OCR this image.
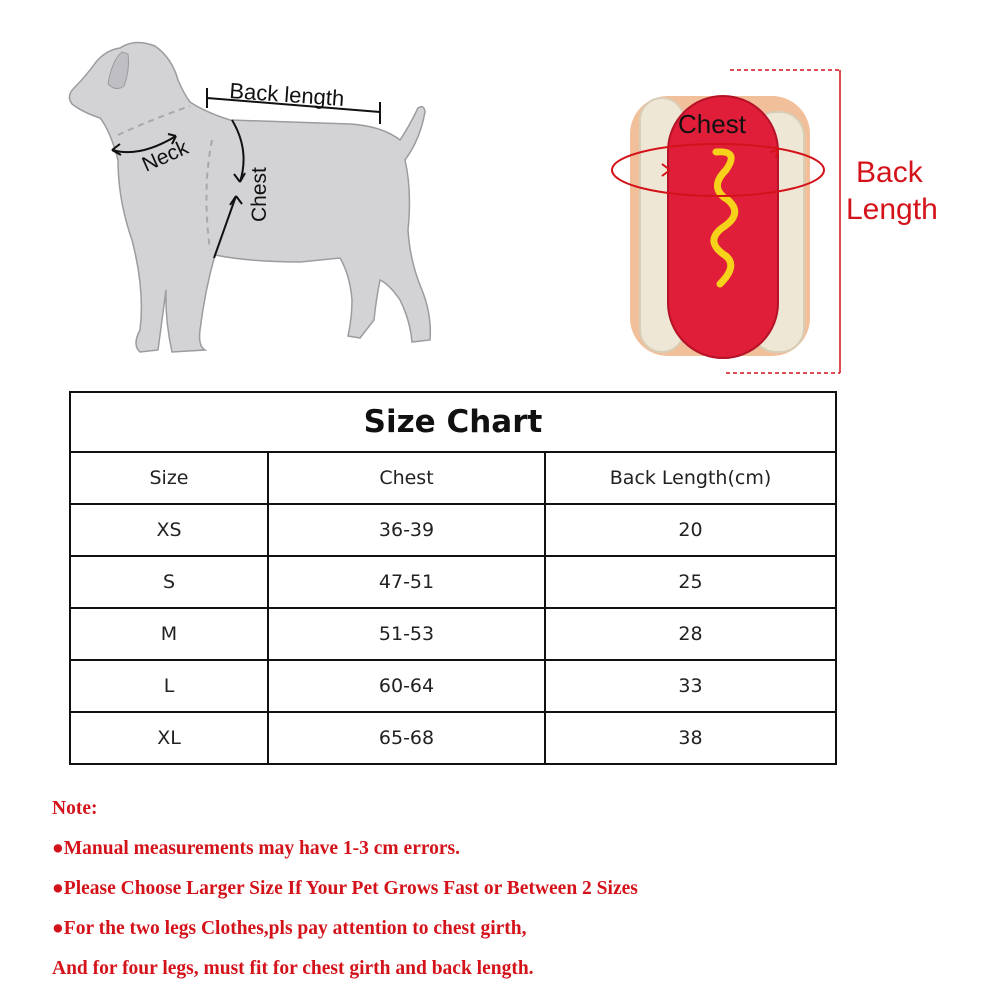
Back length
Neck
Chest
Chest
Back
Length
Size Chart		
Size	Chest	Back Length(cm)
XS	36-39	20
S	47-51	25
M	51-53	28
L	60-64	33
XL	65-68	38

Note:

●Manual measurements may have 1-3 cm errors.

●Please Choose Larger Size If Your Pet Grows Fast or Between 2 Sizes

●For the two legs Clothes,pls pay attention to chest girth,

And for four legs, must fit for chest girth and back length.
